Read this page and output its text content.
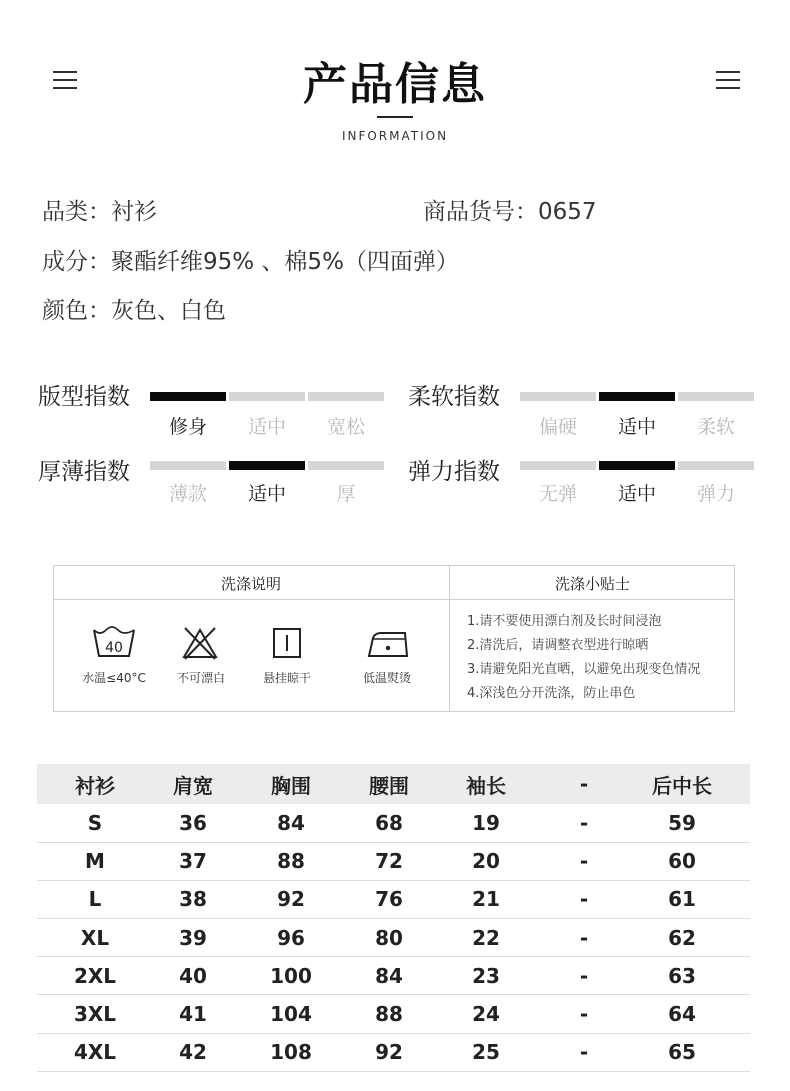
产品信息
INFORMATION
品类：衬衫	商品货号：0657
成分：聚酯纤维95% 、棉5%（四面弹）
颜色：灰色、白色
版型指数
修身	适中	宽松
柔软指数
偏硬	适中	柔软
厚薄指数
薄款	适中	厚
弹力指数
无弹	适中	弹力
洗涤说明	洗涤小贴士
40
水温≤40°C	不可漂白	悬挂晾干	低温熨烫
1.请不要使用漂白剂及长时间浸泡
2.清洗后，请调整衣型进行晾晒
3.请避免阳光直晒，以避免出现变色情况
4.深浅色分开洗涤，防止串色
衬衫	肩宽	胸围	腰围	袖长	-	后中长
S	36	84	68	19	-	59
M	37	88	72	20	-	60
L	38	92	76	21	-	61
XL	39	96	80	22	-	62
2XL	40	100	84	23	-	63
3XL	41	104	88	24	-	64
4XL	42	108	92	25	-	65
